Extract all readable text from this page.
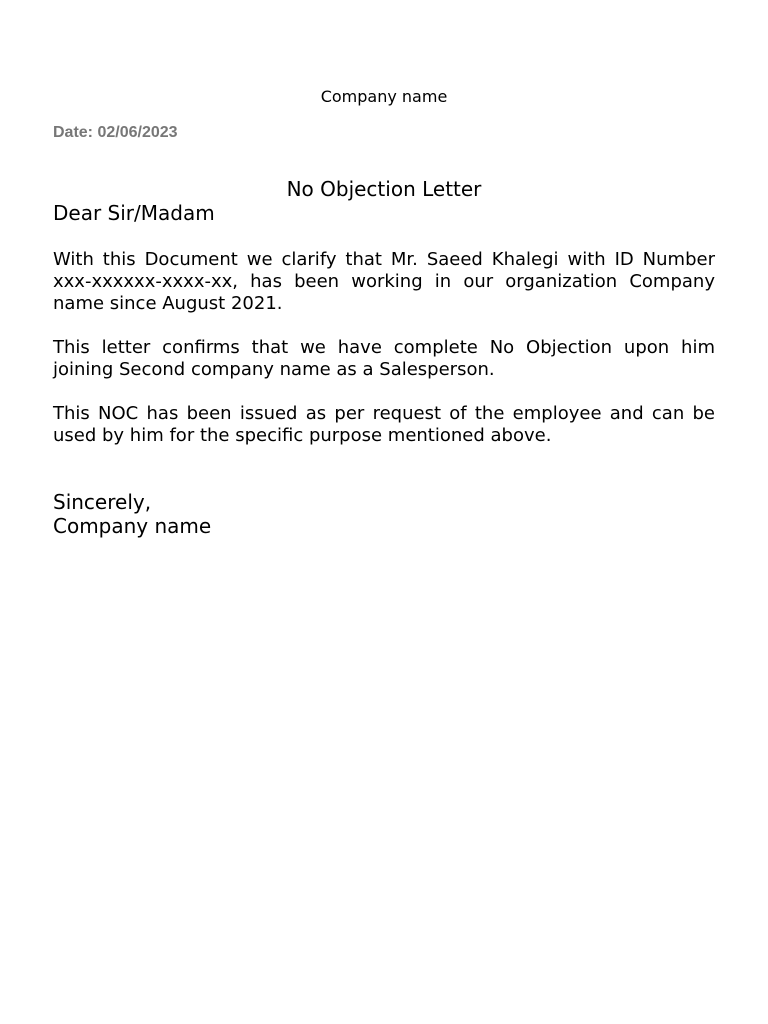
Company name
Date: 02/06/2023
No Objection Letter
Dear Sir/Madam

With this Document we clarify that Mr. Saeed Khalegi with ID Number xxx-xxxxxx-xxxx-xx, has been working in our organization Company name since August 2021.

This letter confirms that we have complete No Objection upon him joining Second company name as a Salesperson.

This NOC has been issued as per request of the employee and can be used by him for the specific purpose mentioned above.

Sincerely,
Company name
